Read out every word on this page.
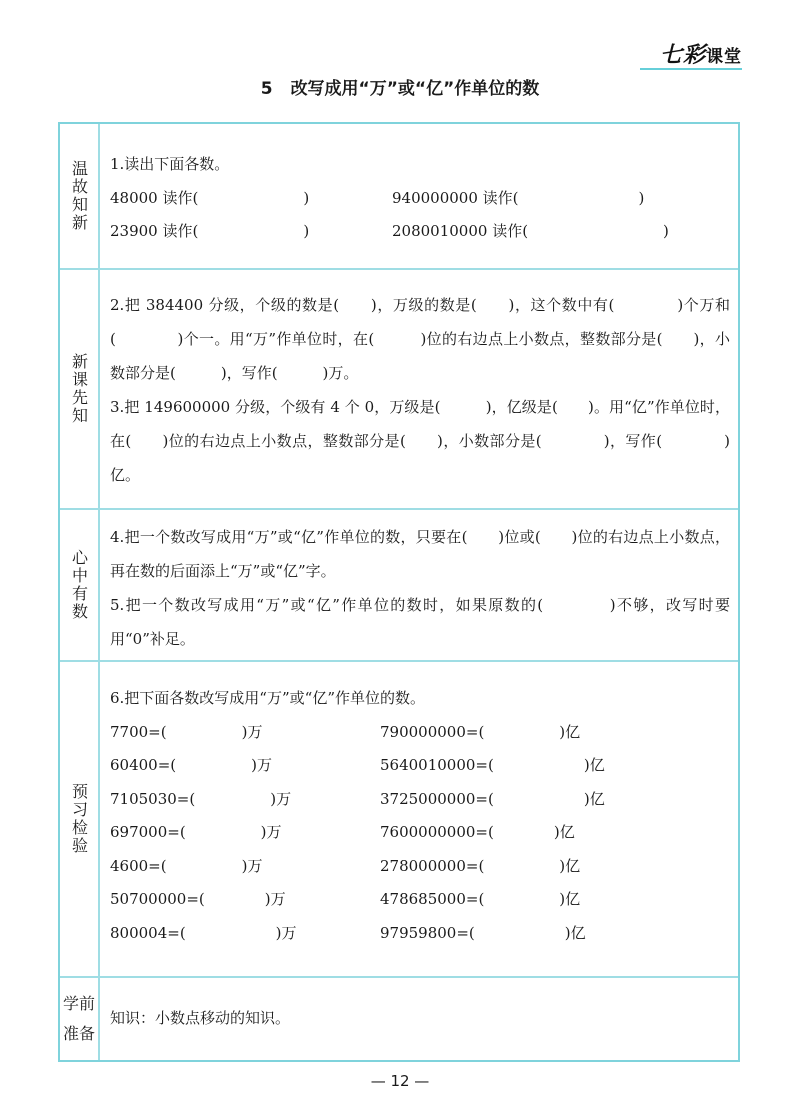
七彩课堂
5 改写成用“万”或“亿”作单位的数
温故知新 1.读出下面各数。
48000 读作(　　　　　　　)	940000000 读作(　　　　　　　　)
23900 读作(　　　　　　　)	2080010000 读作(　　　　　　　　　)
新课先知
2.把 384400 分级，个级的数是(　　)，万级的数是(　　)，这个数中有(　　　　)个万和(　　　　)个一。用“万”作单位时，在(　　　)位的右边点上小数点，整数部分是(　　)，小数部分是(　　　)，写作(　　　)万。
3.把 149600000 分级，个级有 4 个 0，万级是(　　　)，亿级是(　　)。用“亿”作单位时，在(　　)位的右边点上小数点，整数部分是(　　)，小数部分是(　　　　)，写作(　　　　)亿。
心中有数
4.把一个数改写成用“万”或“亿”作单位的数，只要在(　　)位或(　　)位的右边点上小数点，再在数的后面添上“万”或“亿”字。
5.把一个数改写成用“万”或“亿”作单位的数时，如果原数的(　　　　)不够，改写时要用“0”补足。
预习检验
6.把下面各数改写成用“万”或“亿”作单位的数。
7700=(　　　　　)万	790000000=(　　　　　)亿
60400=(　　　　　)万	5640010000=(　　　　　　)亿
7105030=(　　　　　)万	3725000000=(　　　　　　)亿
697000=(　　　　　)万	7600000000=(　　　　)亿
4600=(　　　　　)万	278000000=(　　　　　)亿
50700000=(　　　　)万	478685000=(　　　　　)亿
800004=(　　　　　　)万	97959800=(　　　　　　)亿
学前
准备
知识：小数点移动的知识。
— 12 —
